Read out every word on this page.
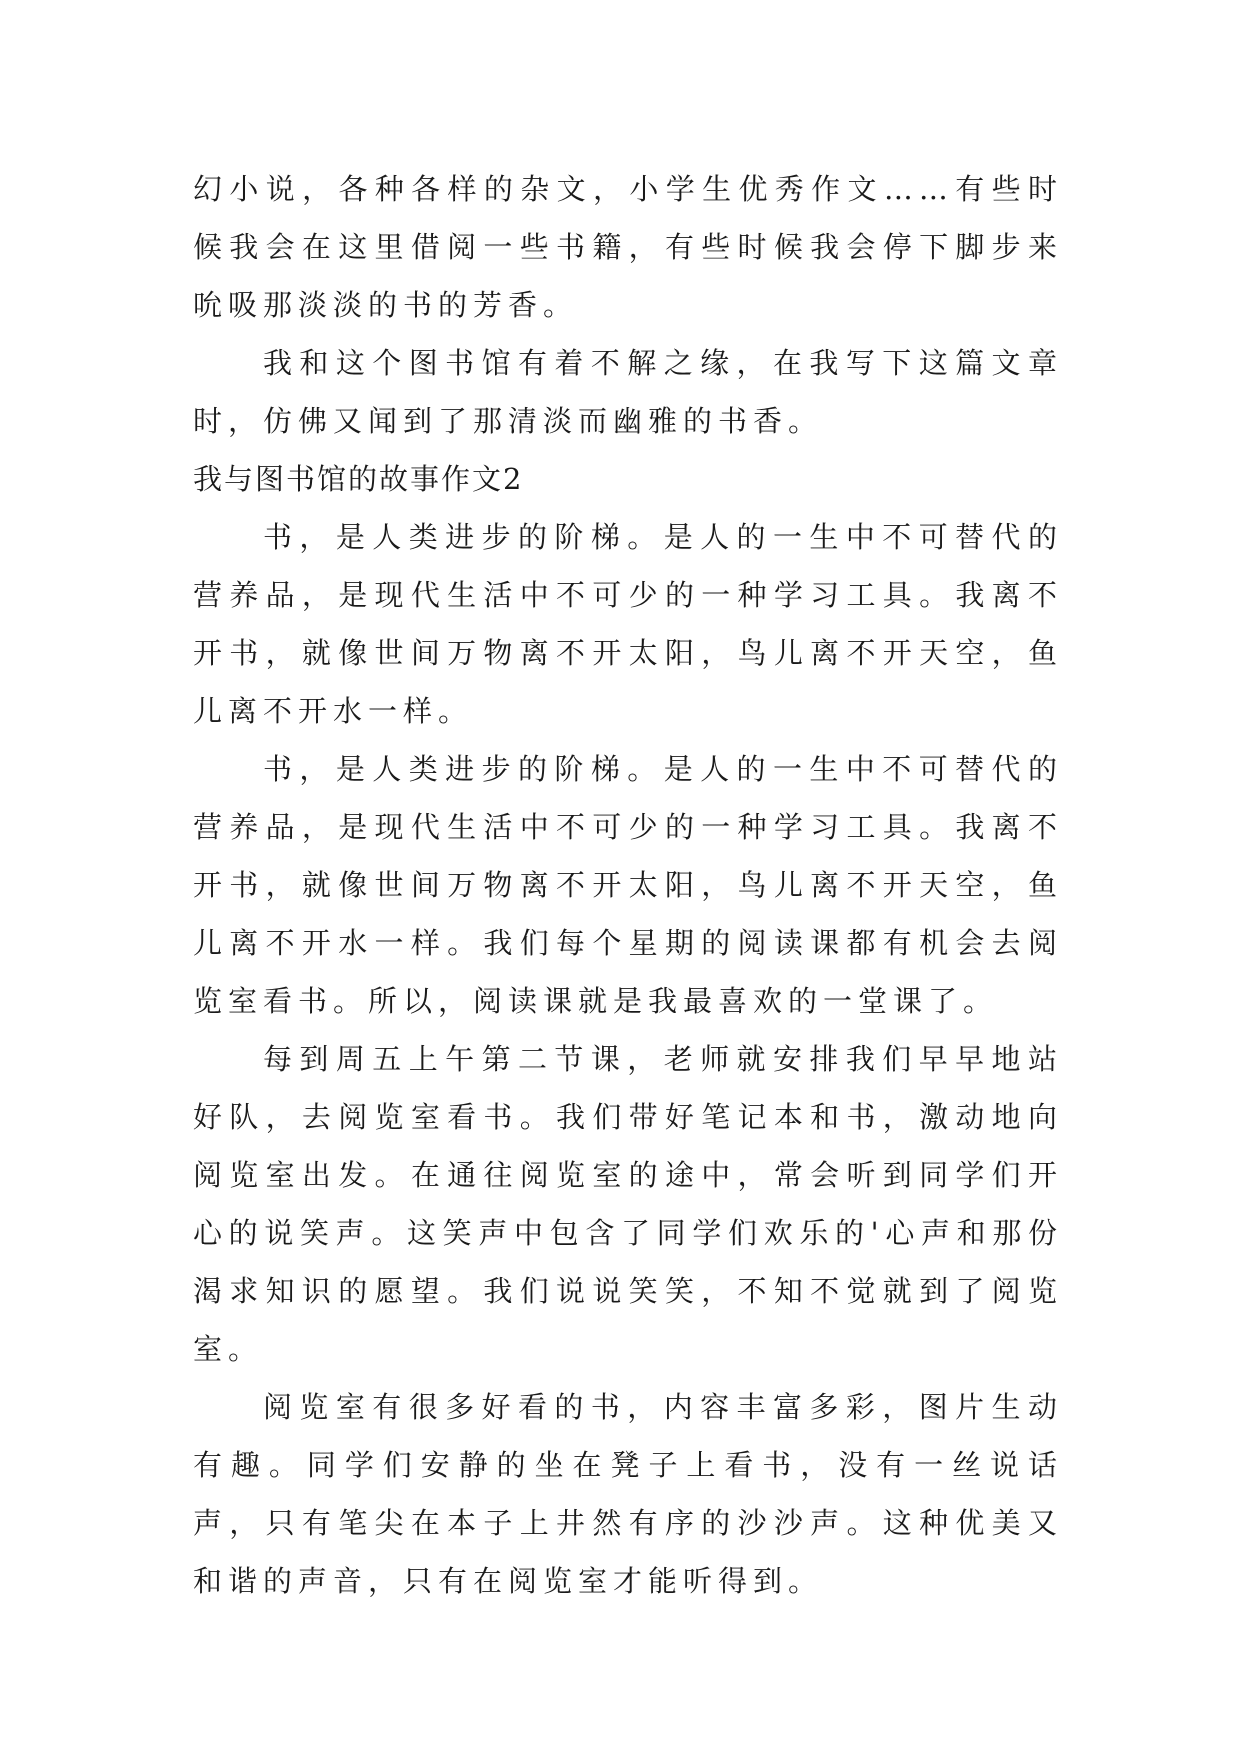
幻小说，各种各样的杂文，小学生优秀作文……有些时候我会在这里借阅一些书籍，有些时候我会停下脚步来吮吸那淡淡的书的芳香。

我和这个图书馆有着不解之缘，在我写下这篇文章时，仿佛又闻到了那清淡而幽雅的书香。

我与图书馆的故事作文2

书，是人类进步的阶梯。是人的一生中不可替代的营养品，是现代生活中不可少的一种学习工具。我离不开书，就像世间万物离不开太阳，鸟儿离不开天空，鱼儿离不开水一样。

书，是人类进步的阶梯。是人的一生中不可替代的营养品，是现代生活中不可少的一种学习工具。我离不开书，就像世间万物离不开太阳，鸟儿离不开天空，鱼儿离不开水一样。我们每个星期的阅读课都有机会去阅览室看书。所以，阅读课就是我最喜欢的一堂课了。

每到周五上午第二节课，老师就安排我们早早地站好队，去阅览室看书。我们带好笔记本和书，激动地向阅览室出发。在通往阅览室的途中，常会听到同学们开心的说笑声。这笑声中包含了同学们欢乐的'心声和那份渴求知识的愿望。我们说说笑笑，不知不觉就到了阅览室。

阅览室有很多好看的书，内容丰富多彩，图片生动有趣。同学们安静的坐在凳子上看书，没有一丝说话声，只有笔尖在本子上井然有序的沙沙声。这种优美又和谐的声音，只有在阅览室才能听得到。
